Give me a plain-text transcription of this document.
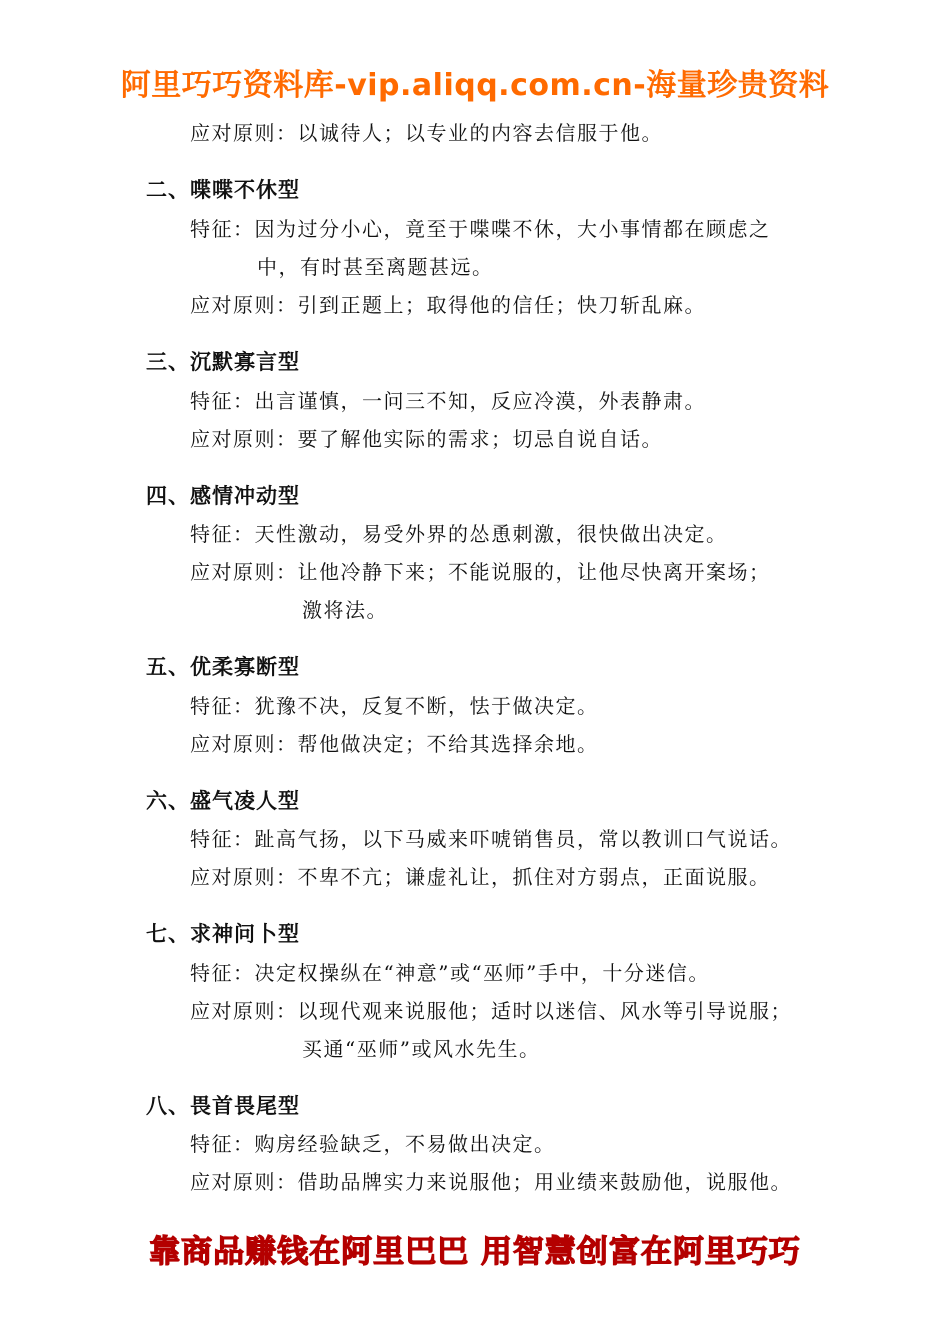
阿里巧巧资料库-vip.aliqq.com.cn-海量珍贵资料
应对原则：以诚待人；以专业的内容去信服于他。
二、喋喋不休型
特征：因为过分小心，竟至于喋喋不休，大小事情都在顾虑之
中，有时甚至离题甚远。
应对原则：引到正题上；取得他的信任；快刀斩乱麻。
三、沉默寡言型
特征：出言谨慎，一问三不知，反应冷漠，外表静肃。
应对原则：要了解他实际的需求；切忌自说自话。
四、感情冲动型
特征：天性激动，易受外界的怂恿刺激，很快做出决定。
应对原则：让他冷静下来；不能说服的，让他尽快离开案场；
激将法。
五、优柔寡断型
特征：犹豫不决，反复不断，怯于做决定。
应对原则：帮他做决定；不给其选择余地。
六、盛气凌人型
特征：趾高气扬，以下马威来吓唬销售员，常以教训口气说话。
应对原则：不卑不亢；谦虚礼让，抓住对方弱点，正面说服。
七、求神问卜型
特征：决定权操纵在“神意”或“巫师”手中，十分迷信。
应对原则：以现代观来说服他；适时以迷信、风水等引导说服；
买通“巫师”或风水先生。
八、畏首畏尾型
特征：购房经验缺乏，不易做出决定。
应对原则：借助品牌实力来说服他；用业绩来鼓励他，说服他。
靠商品赚钱在阿里巴巴 用智慧创富在阿里巧巧
